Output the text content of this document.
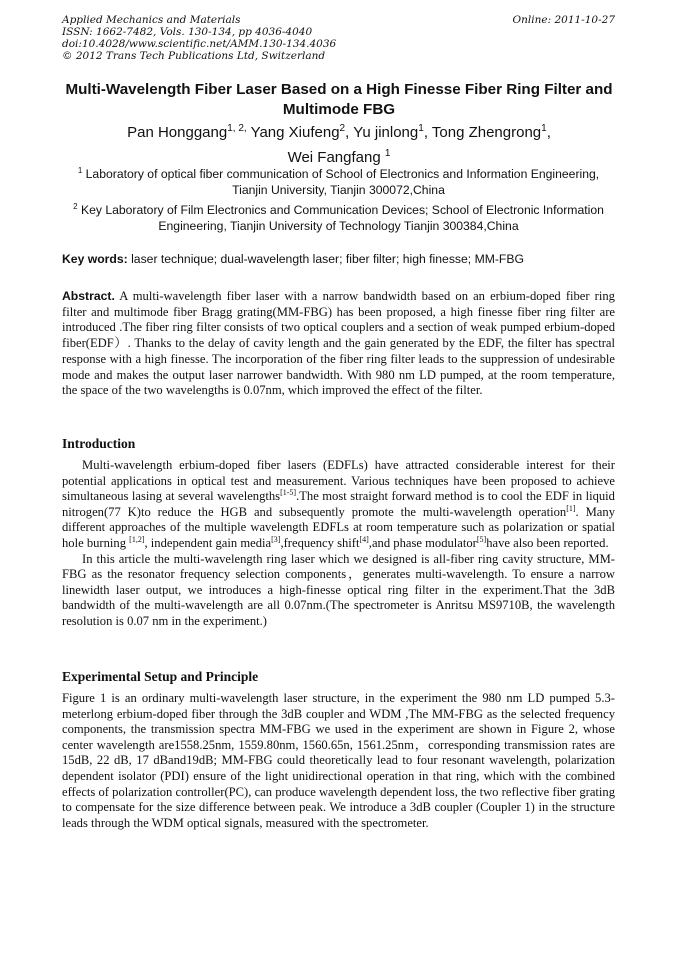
Applied Mechanics and Materials
ISSN: 1662-7482, Vols. 130-134, pp 4036-4040
doi:10.4028/www.scientific.net/AMM.130-134.4036
© 2012 Trans Tech Publications Ltd, Switzerland
Online: 2011-10-27
Multi-Wavelength Fiber Laser Based on a High Finesse Fiber Ring Filter and Multimode FBG
Pan Honggang$^{1, 2,}$ Yang Xiufeng$^2$, Yu jinlong$^1$, Tong Zhengrong$^1$,
Wei Fangfang $^1$
$^1$ Laboratory of optical fiber communication of School of Electronics and Information Engineering, Tianjin University, Tianjin 300072,China
$^2$ Key Laboratory of Film Electronics and Communication Devices; School of Electronic Information Engineering, Tianjin University of Technology Tianjin 300384,China
Key words: laser technique; dual-wavelength laser; fiber filter; high finesse; MM-FBG
Abstract. A multi-wavelength fiber laser with a narrow bandwidth based on an erbium-doped fiber ring filter and multimode fiber Bragg grating(MM-FBG) has been proposed, a high finesse fiber ring filter are introduced .The fiber ring filter consists of two optical couplers and a section of weak pumped erbium-doped fiber(EDF）. Thanks to the delay of cavity length and the gain generated by the EDF, the filter has spectral response with a high finesse. The incorporation of the fiber ring filter leads to the suppression of undesirable mode and makes the output laser narrower bandwidth. With 980 nm LD pumped, at the room temperature, the space of the two wavelengths is 0.07nm, which improved the effect of the filter.
Introduction

Multi-wavelength erbium-doped fiber lasers (EDFLs) have attracted considerable interest for their potential applications in optical test and measurement. Various techniques have been proposed to achieve simultaneous lasing at several wavelengths[1-5].The most straight forward method is to cool the EDF in liquid nitrogen(77 K)to reduce the HGB and subsequently promote the multi-wavelength operation[1]. Many different approaches of the multiple wavelength EDFLs at room temperature such as polarization or spatial hole burning [1,2], independent gain media[3],frequency shift[4],and phase modulator[5]have also been reported.

In this article the multi-wavelength ring laser which we designed is all-fiber ring cavity structure, MM-FBG as the resonator frequency selection components，generates multi-wavelength. To ensure a narrow linewidth laser output, we introduces a high-finesse optical ring filter in the experiment.That the 3dB bandwidth of the multi-wavelength are all 0.07nm.(The spectrometer is Anritsu MS9710B, the wavelength resolution is 0.07 nm in the experiment.)

Experimental Setup and Principle

Figure 1 is an ordinary multi-wavelength laser structure, in the experiment the 980 nm LD pumped 5.3-meterlong erbium-doped fiber through the 3dB coupler and WDM ,The MM-FBG as the selected frequency components, the transmission spectra MM-FBG we used in the experiment are shown in Figure 2, whose center wavelength are1558.25nm, 1559.80nm, 1560.65n, 1561.25nm，corresponding transmission rates are 15dB, 22 dB, 17 dBand19dB; MM-FBG could theoretically lead to four resonant wavelength, polarization dependent isolator (PDI) ensure of the light unidirectional operation in that ring, which with the combined effects of polarization controller(PC), can produce wavelength dependent loss, the two reflective fiber grating to compensate for the size difference between peak. We introduce a 3dB coupler (Coupler 1) in the structure leads through the WDM optical signals, measured with the spectrometer.
